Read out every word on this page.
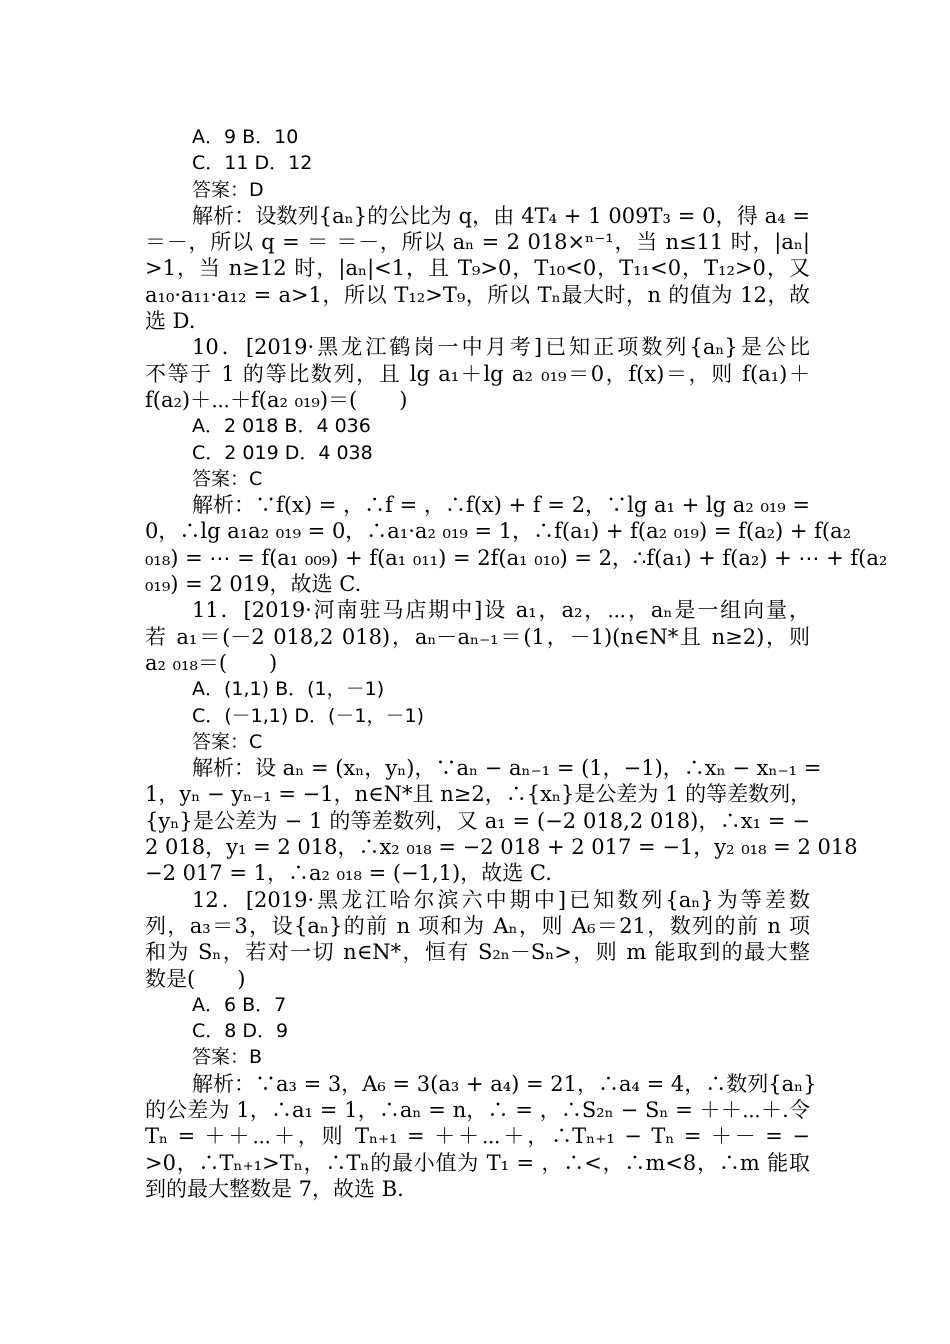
A．9 B．10
C．11 D．12
答案：D
解析：设数列{aₙ}的公比为 q，由 4T₄ + 1 009T₃ = 0，得 a₄ =
＝－，所以 q = ＝ ＝－，所以 aₙ = 2 018×ⁿ⁻¹，当 n≤11 时，|aₙ|
>1，当 n≥12 时，|aₙ|<1，且 T₉>0，T₁₀<0，T₁₁<0，T₁₂>0，又
a₁₀·a₁₁·a₁₂ = a>1，所以 T₁₂>T₉，所以 Tₙ最大时，n 的值为 12，故
选 D.
10．[2019·黑龙江鹤岗一中月考]已知正项数列{aₙ}是公比
不等于 1 的等比数列，且 lg a₁＋lg a₂ ₀₁₉＝0，f(x)＝，则 f(a₁)＋
f(a₂)＋⋯＋f(a₂ ₀₁₉)＝(　　)
A．2 018 B．4 036
C．2 019 D．4 038
答案：C
解析：∵f(x) = ，∴f = ，∴f(x) + f = 2，∵lg a₁ + lg a₂ ₀₁₉ =
0，∴lg a₁a₂ ₀₁₉ = 0，∴a₁·a₂ ₀₁₉ = 1，∴f(a₁) + f(a₂ ₀₁₉) = f(a₂) + f(a₂
₀₁₈) = ⋯ = f(a₁ ₀₀₉) + f(a₁ ₀₁₁) = 2f(a₁ ₀₁₀) = 2，∴f(a₁) + f(a₂) + ⋯ + f(a₂
₀₁₉) = 2 019，故选 C.
11．[2019·河南驻马店期中]设 a₁，a₂，⋯，aₙ是一组向量，
若 a₁＝(－2 018,2 018)，aₙ－aₙ₋₁＝(1，－1)(n∈N*且 n≥2)，则
a₂ ₀₁₈＝(　　)
A．(1,1) B．(1，－1)
C．(－1,1) D．(－1，－1)
答案：C
解析：设 aₙ = (xₙ，yₙ)，∵aₙ − aₙ₋₁ = (1，−1)，∴xₙ − xₙ₋₁ =
1，yₙ − yₙ₋₁ = −1，n∈N*且 n≥2，∴{xₙ}是公差为 1 的等差数列，
{yₙ}是公差为 − 1 的等差数列，又 a₁ = (−2 018,2 018)，∴x₁ = −
2 018，y₁ = 2 018，∴x₂ ₀₁₈ = −2 018 + 2 017 = −1，y₂ ₀₁₈ = 2 018
−2 017 = 1，∴a₂ ₀₁₈ = (−1,1)，故选 C.
12．[2019·黑龙江哈尔滨六中期中]已知数列{aₙ}为等差数
列，a₃＝3，设{aₙ}的前 n 项和为 Aₙ，则 A₆＝21，数列的前 n 项
和为 Sₙ，若对一切 n∈N*，恒有 S₂ₙ－Sₙ>，则 m 能取到的最大整
数是(　　)
A．6 B．7
C．8 D．9
答案：B
解析：∵a₃ = 3，A₆ = 3(a₃ + a₄) = 21，∴a₄ = 4，∴数列{aₙ}
的公差为 1，∴a₁ = 1，∴aₙ = n，∴ = ，∴S₂ₙ − Sₙ = ＋＋⋯＋.令
Tₙ = ＋＋⋯＋，则 Tₙ₊₁ = ＋＋⋯＋，∴Tₙ₊₁ − Tₙ = ＋－ = −
>0，∴Tₙ₊₁>Tₙ，∴Tₙ的最小值为 T₁ = ，∴<，∴m<8，∴m 能取
到的最大整数是 7，故选 B.
